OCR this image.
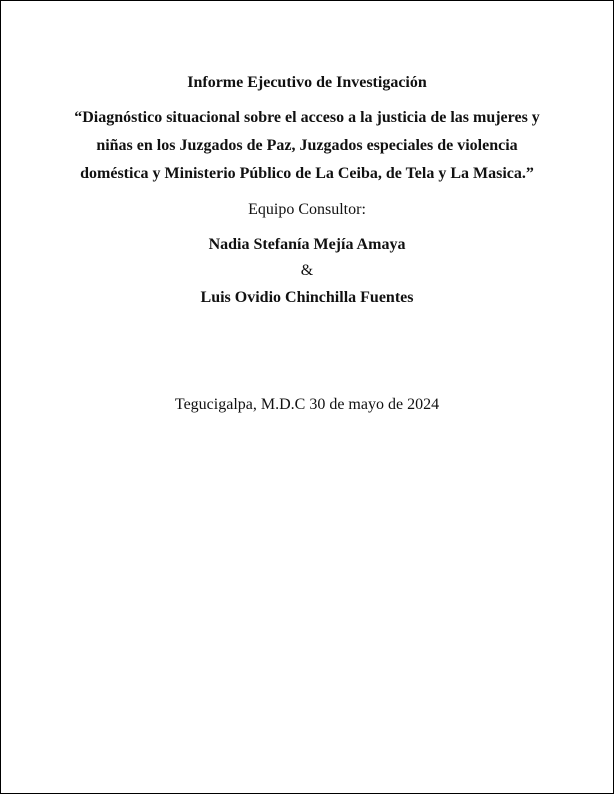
Informe Ejecutivo de Investigación
“Diagnóstico situacional sobre el acceso a la justicia de las mujeres y
niñas en los Juzgados de Paz, Juzgados especiales de violencia
doméstica y Ministerio Público de La Ceiba, de Tela y La Masica.”
Equipo Consultor:
Nadia Stefanía Mejía Amaya
&
Luis Ovidio Chinchilla Fuentes
Tegucigalpa, M.D.C 30 de mayo de 2024
